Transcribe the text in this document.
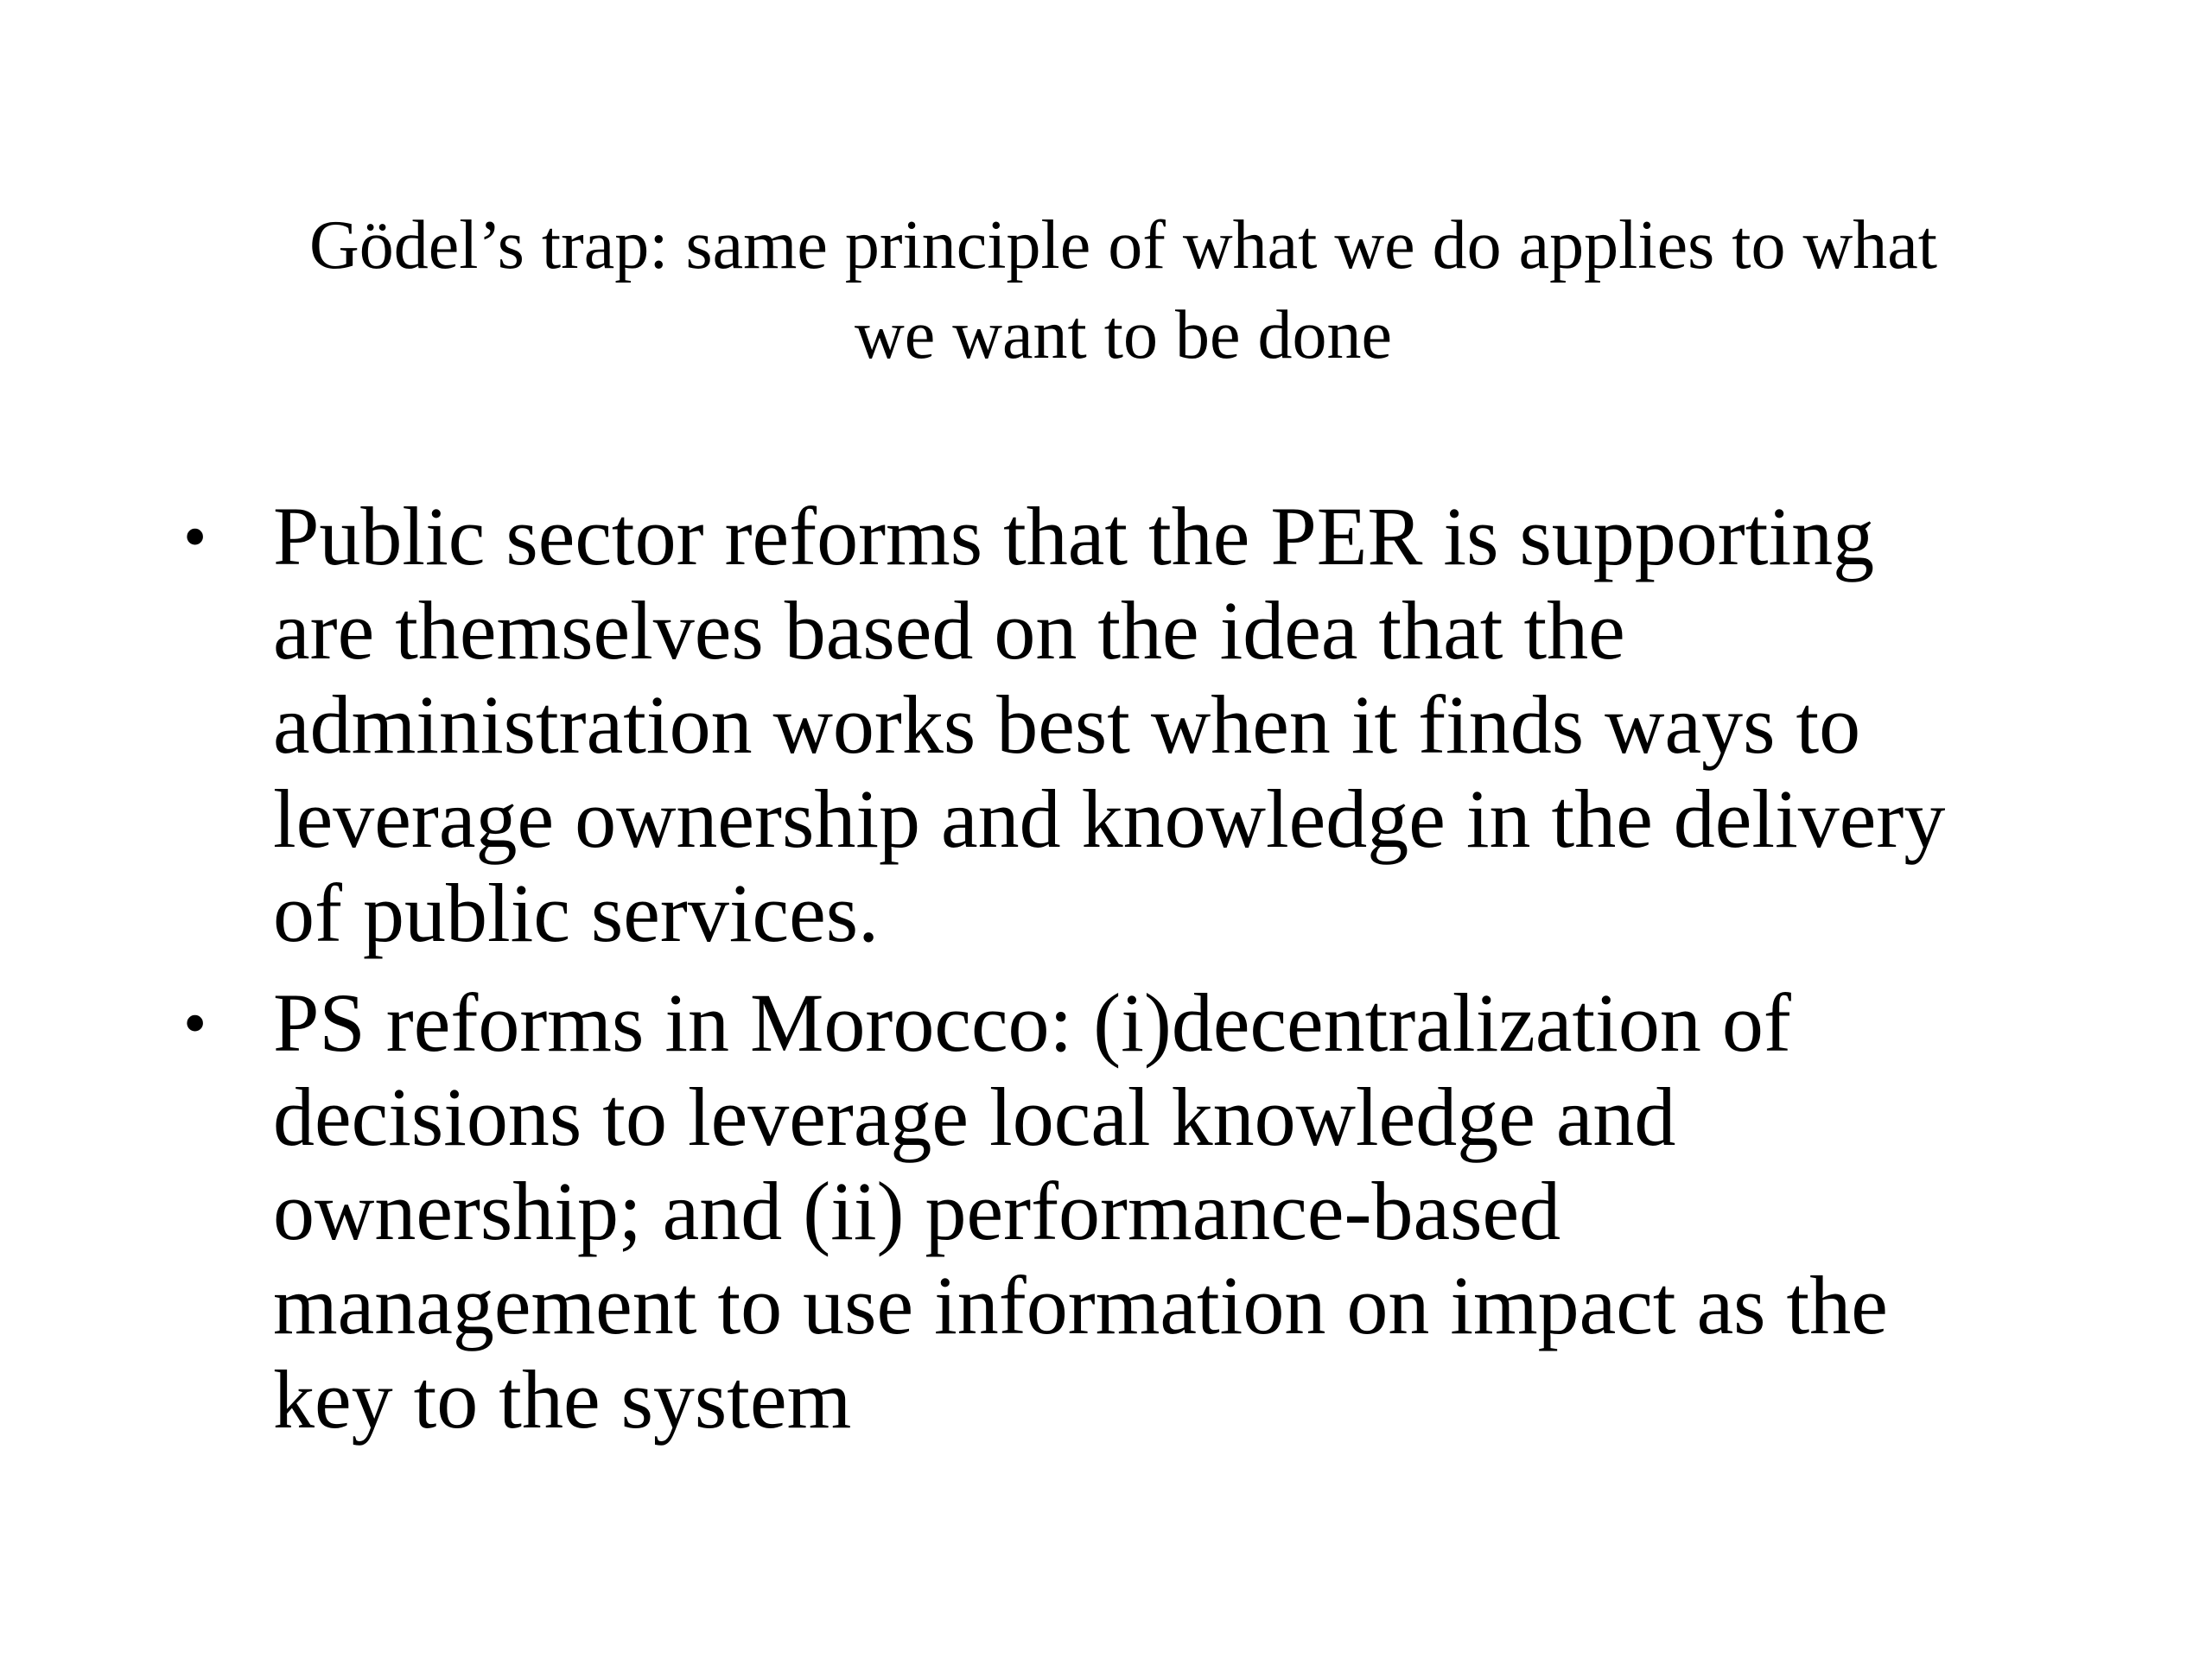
Gödel’s trap: same principle of what we do applies to what
we want to be done
• Public sector reforms that the PER is supporting
are themselves based on the idea that the
administration works best when it finds ways to
leverage ownership and knowledge in the delivery
of public services.
• PS reforms in Morocco: (i)decentralization of
decisions to leverage local knowledge and
ownership; and (ii) performance-based
management to use information on impact as the
key to the system
